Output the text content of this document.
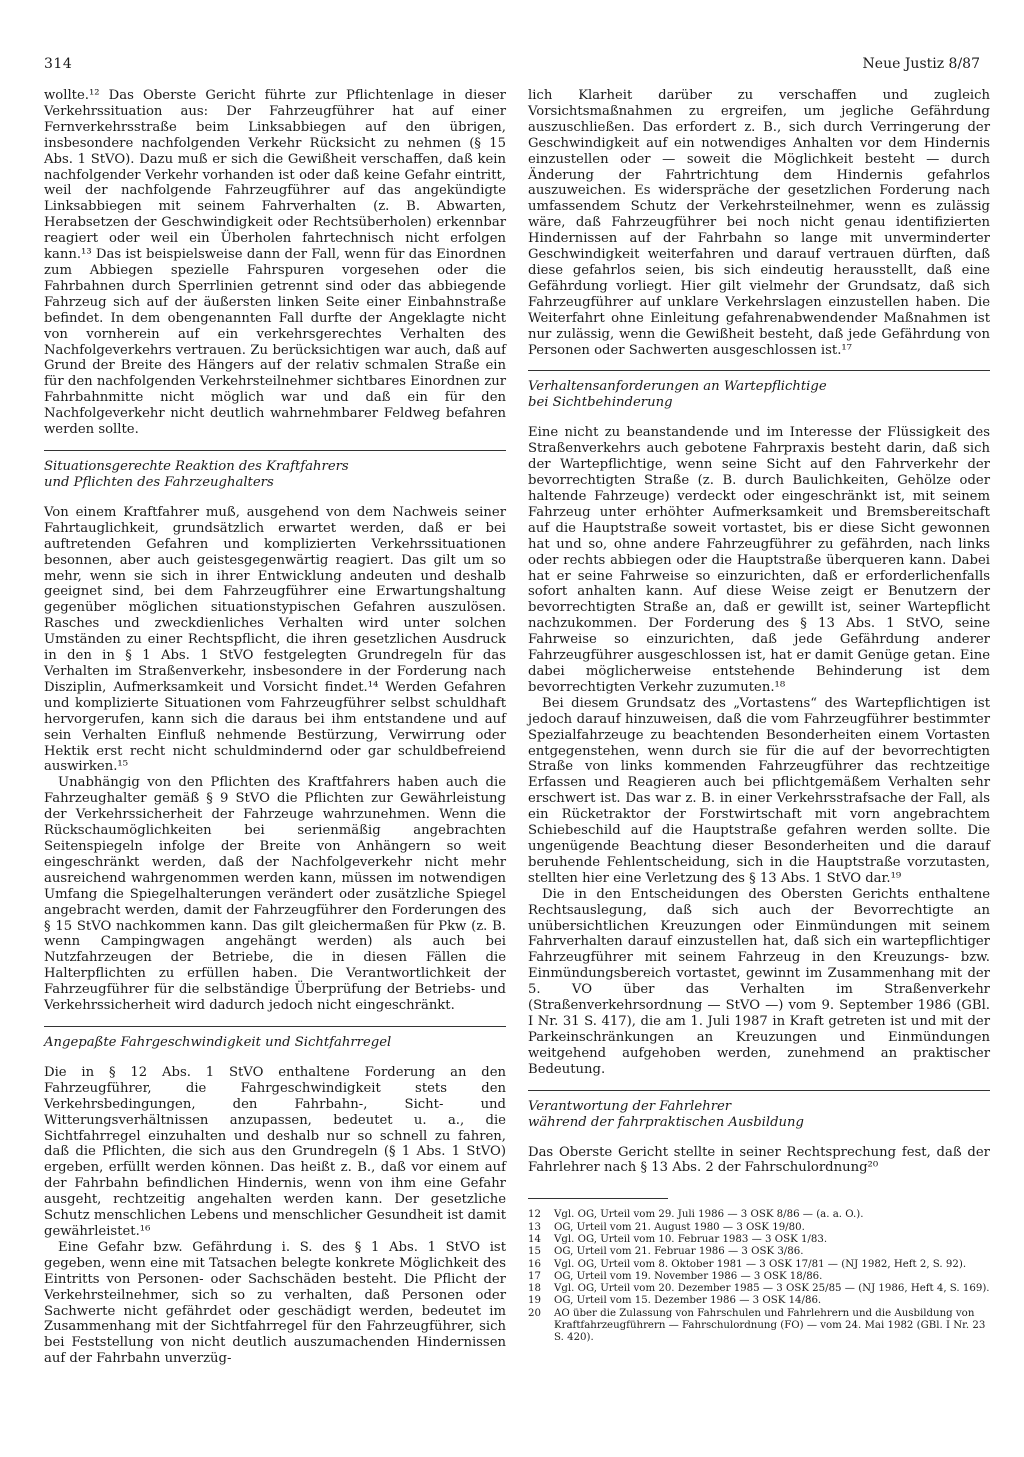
314	Neue Justiz 8/87

wollte.¹² Das Oberste Gericht führte zur Pflichtenlage in dieser Verkehrssituation aus: Der Fahrzeugführer hat auf einer Fernverkehrsstraße beim Linksabbiegen auf den übrigen, insbesondere nachfolgenden Verkehr Rücksicht zu nehmen (§ 15 Abs. 1 StVO). Dazu muß er sich die Gewißheit verschaffen, daß kein nachfolgender Verkehr vorhanden ist oder daß keine Gefahr eintritt, weil der nachfolgende Fahrzeugführer auf das angekündigte Linksabbiegen mit seinem Fahrverhalten (z. B. Abwarten, Herabsetzen der Geschwindigkeit oder Rechtsüberholen) erkennbar reagiert oder weil ein Überholen fahrtechnisch nicht erfolgen kann.¹³ Das ist beispielsweise dann der Fall, wenn für das Einordnen zum Abbiegen spezielle Fahrspuren vorgesehen oder die Fahrbahnen durch Sperrlinien getrennt sind oder das abbiegende Fahrzeug sich auf der äußersten linken Seite einer Einbahnstraße befindet. In dem obengenannten Fall durfte der Angeklagte nicht von vornherein auf ein verkehrsgerechtes Verhalten des Nachfolgeverkehrs vertrauen. Zu berücksichtigen war auch, daß auf Grund der Breite des Hängers auf der relativ schmalen Straße ein für den nachfolgenden Verkehrsteilnehmer sichtbares Einordnen zur Fahrbahnmitte nicht möglich war und daß ein für den Nachfolgeverkehr nicht deutlich wahrnehmbarer Feldweg befahren werden sollte.

Situationsgerechte Reaktion des Kraftfahrers
und Pflichten des Fahrzeughalters

Von einem Kraftfahrer muß, ausgehend von dem Nachweis seiner Fahrtauglichkeit, grundsätzlich erwartet werden, daß er bei auftretenden Gefahren und komplizierten Verkehrssituationen besonnen, aber auch geistesgegenwärtig reagiert. Das gilt um so mehr, wenn sie sich in ihrer Entwicklung andeuten und deshalb geeignet sind, bei dem Fahrzeugführer eine Erwartungshaltung gegenüber möglichen situationstypischen Gefahren auszulösen. Rasches und zweckdienliches Verhalten wird unter solchen Umständen zu einer Rechtspflicht, die ihren gesetzlichen Ausdruck in den in § 1 Abs. 1 StVO festgelegten Grundregeln für das Verhalten im Straßenverkehr, insbesondere in der Forderung nach Disziplin, Aufmerksamkeit und Vorsicht findet.¹⁴ Werden Gefahren und komplizierte Situationen vom Fahrzeugführer selbst schuldhaft hervorgerufen, kann sich die daraus bei ihm entstandene und auf sein Verhalten Einfluß nehmende Bestürzung, Verwirrung oder Hektik erst recht nicht schuldmindernd oder gar schuldbefreiend auswirken.¹⁵

Unabhängig von den Pflichten des Kraftfahrers haben auch die Fahrzeughalter gemäß § 9 StVO die Pflichten zur Gewährleistung der Verkehrssicherheit der Fahrzeuge wahrzunehmen. Wenn die Rückschaumöglichkeiten bei serienmäßig angebrachten Seitenspiegeln infolge der Breite von Anhängern so weit eingeschränkt werden, daß der Nachfolgeverkehr nicht mehr ausreichend wahrgenommen werden kann, müssen im notwendigen Umfang die Spiegelhalterungen verändert oder zusätzliche Spiegel angebracht werden, damit der Fahrzeugführer den Forderungen des § 15 StVO nachkommen kann. Das gilt gleichermaßen für Pkw (z. B. wenn Campingwagen angehängt werden) als auch bei Nutzfahrzeugen der Betriebe, die in diesen Fällen die Halterpflichten zu erfüllen haben. Die Verantwortlichkeit der Fahrzeugführer für die selbständige Überprüfung der Betriebs- und Verkehrssicherheit wird dadurch jedoch nicht eingeschränkt.

Angepaßte Fahrgeschwindigkeit und Sichtfahrregel

Die in § 12 Abs. 1 StVO enthaltene Forderung an den Fahrzeugführer, die Fahrgeschwindigkeit stets den Verkehrsbedingungen, den Fahrbahn-, Sicht- und Witterungsverhältnissen anzupassen, bedeutet u. a., die Sichtfahrregel einzuhalten und deshalb nur so schnell zu fahren, daß die Pflichten, die sich aus den Grundregeln (§ 1 Abs. 1 StVO) ergeben, erfüllt werden können. Das heißt z. B., daß vor einem auf der Fahrbahn befindlichen Hindernis, wenn von ihm eine Gefahr ausgeht, rechtzeitig angehalten werden kann. Der gesetzliche Schutz menschlichen Lebens und menschlicher Gesundheit ist damit gewährleistet.¹⁶

Eine Gefahr bzw. Gefährdung i. S. des § 1 Abs. 1 StVO ist gegeben, wenn eine mit Tatsachen belegte konkrete Möglichkeit des Eintritts von Personen- oder Sachschäden besteht. Die Pflicht der Verkehrsteilnehmer, sich so zu verhalten, daß Personen oder Sachwerte nicht gefährdet oder geschädigt werden, bedeutet im Zusammenhang mit der Sichtfahrregel für den Fahrzeugführer, sich bei Feststellung von nicht deutlich auszumachenden Hindernissen auf der Fahrbahn unverzüg-

lich Klarheit darüber zu verschaffen und zugleich Vorsichtsmaßnahmen zu ergreifen, um jegliche Gefährdung auszuschließen. Das erfordert z. B., sich durch Verringerung der Geschwindigkeit auf ein notwendiges Anhalten vor dem Hindernis einzustellen oder — soweit die Möglichkeit besteht — durch Änderung der Fahrtrichtung dem Hindernis gefahrlos auszuweichen. Es widerspräche der gesetzlichen Forderung nach umfassendem Schutz der Verkehrsteilnehmer, wenn es zulässig wäre, daß Fahrzeugführer bei noch nicht genau identifizierten Hindernissen auf der Fahrbahn so lange mit unverminderter Geschwindigkeit weiterfahren und darauf vertrauen dürften, daß diese gefahrlos seien, bis sich eindeutig herausstellt, daß eine Gefährdung vorliegt. Hier gilt vielmehr der Grundsatz, daß sich Fahrzeugführer auf unklare Verkehrslagen einzustellen haben. Die Weiterfahrt ohne Einleitung gefahrenabwendender Maßnahmen ist nur zulässig, wenn die Gewißheit besteht, daß jede Gefährdung von Personen oder Sachwerten ausgeschlossen ist.¹⁷

Verhaltensanforderungen an Wartepflichtige
bei Sichtbehinderung

Eine nicht zu beanstandende und im Interesse der Flüssigkeit des Straßenverkehrs auch gebotene Fahrpraxis besteht darin, daß sich der Wartepflichtige, wenn seine Sicht auf den Fahrverkehr der bevorrechtigten Straße (z. B. durch Baulichkeiten, Gehölze oder haltende Fahrzeuge) verdeckt oder eingeschränkt ist, mit seinem Fahrzeug unter erhöhter Aufmerksamkeit und Bremsbereitschaft auf die Hauptstraße soweit vortastet, bis er diese Sicht gewonnen hat und so, ohne andere Fahrzeugführer zu gefährden, nach links oder rechts abbiegen oder die Hauptstraße überqueren kann. Dabei hat er seine Fahrweise so einzurichten, daß er erforderlichenfalls sofort anhalten kann. Auf diese Weise zeigt er Benutzern der bevorrechtigten Straße an, daß er gewillt ist, seiner Wartepflicht nachzukommen. Der Forderung des § 13 Abs. 1 StVO, seine Fahrweise so einzurichten, daß jede Gefährdung anderer Fahrzeugführer ausgeschlossen ist, hat er damit Genüge getan. Eine dabei möglicherweise entstehende Behinderung ist dem bevorrechtigten Verkehr zuzumuten.¹⁸

Bei diesem Grundsatz des „Vortastens“ des Wartepflichtigen ist jedoch darauf hinzuweisen, daß die vom Fahrzeugführer bestimmter Spezialfahrzeuge zu beachtenden Besonderheiten einem Vortasten entgegenstehen, wenn durch sie für die auf der bevorrechtigten Straße von links kommenden Fahrzeugführer das rechtzeitige Erfassen und Reagieren auch bei pflichtgemäßem Verhalten sehr erschwert ist. Das war z. B. in einer Verkehrsstrafsache der Fall, als ein Rücketraktor der Forstwirtschaft mit vorn angebrachtem Schiebeschild auf die Hauptstraße gefahren werden sollte. Die ungenügende Beachtung dieser Besonderheiten und die darauf beruhende Fehlentscheidung, sich in die Hauptstraße vorzutasten, stellten hier eine Verletzung des § 13 Abs. 1 StVO dar.¹⁹

Die in den Entscheidungen des Obersten Gerichts enthaltene Rechtsauslegung, daß sich auch der Bevorrechtigte an unübersichtlichen Kreuzungen oder Einmündungen mit seinem Fahrverhalten darauf einzustellen hat, daß sich ein wartepflichtiger Fahrzeugführer mit seinem Fahrzeug in den Kreuzungs- bzw. Einmündungsbereich vortastet, gewinnt im Zusammenhang mit der 5. VO über das Verhalten im Straßenverkehr (Straßenverkehrsordnung — StVO —) vom 9. September 1986 (GBl. I Nr. 31 S. 417), die am 1. Juli 1987 in Kraft getreten ist und mit der Parkeinschränkungen an Kreuzungen und Einmündungen weitgehend aufgehoben werden, zunehmend an praktischer Bedeutung.

Verantwortung der Fahrlehrer
während der fahrpraktischen Ausbildung

Das Oberste Gericht stellte in seiner Rechtsprechung fest, daß der Fahrlehrer nach § 13 Abs. 2 der Fahrschulordnung²⁰

12 Vgl. OG, Urteil vom 29. Juli 1986 — 3 OSK 8/86 — (a. a. O.).
13 OG, Urteil vom 21. August 1980 — 3 OSK 19/80.
14 Vgl. OG, Urteil vom 10. Februar 1983 — 3 OSK 1/83.
15 OG, Urteil vom 21. Februar 1986 — 3 OSK 3/86.
16 Vgl. OG, Urteil vom 8. Oktober 1981 — 3 OSK 17/81 — (NJ 1982, Heft 2, S. 92).
17 OG, Urteil vom 19. November 1986 — 3 OSK 18/86.
18 Vgl. OG, Urteil vom 20. Dezember 1985 — 3 OSK 25/85 — (NJ 1986, Heft 4, S. 169).
19 OG, Urteil vom 15. Dezember 1986 — 3 OSK 14/86.
20 AO über die Zulassung von Fahrschulen und Fahrlehrern und die Ausbildung von Kraftfahrzeugführern — Fahrschulordnung (FO) — vom 24. Mai 1982 (GBl. I Nr. 23 S. 420).
